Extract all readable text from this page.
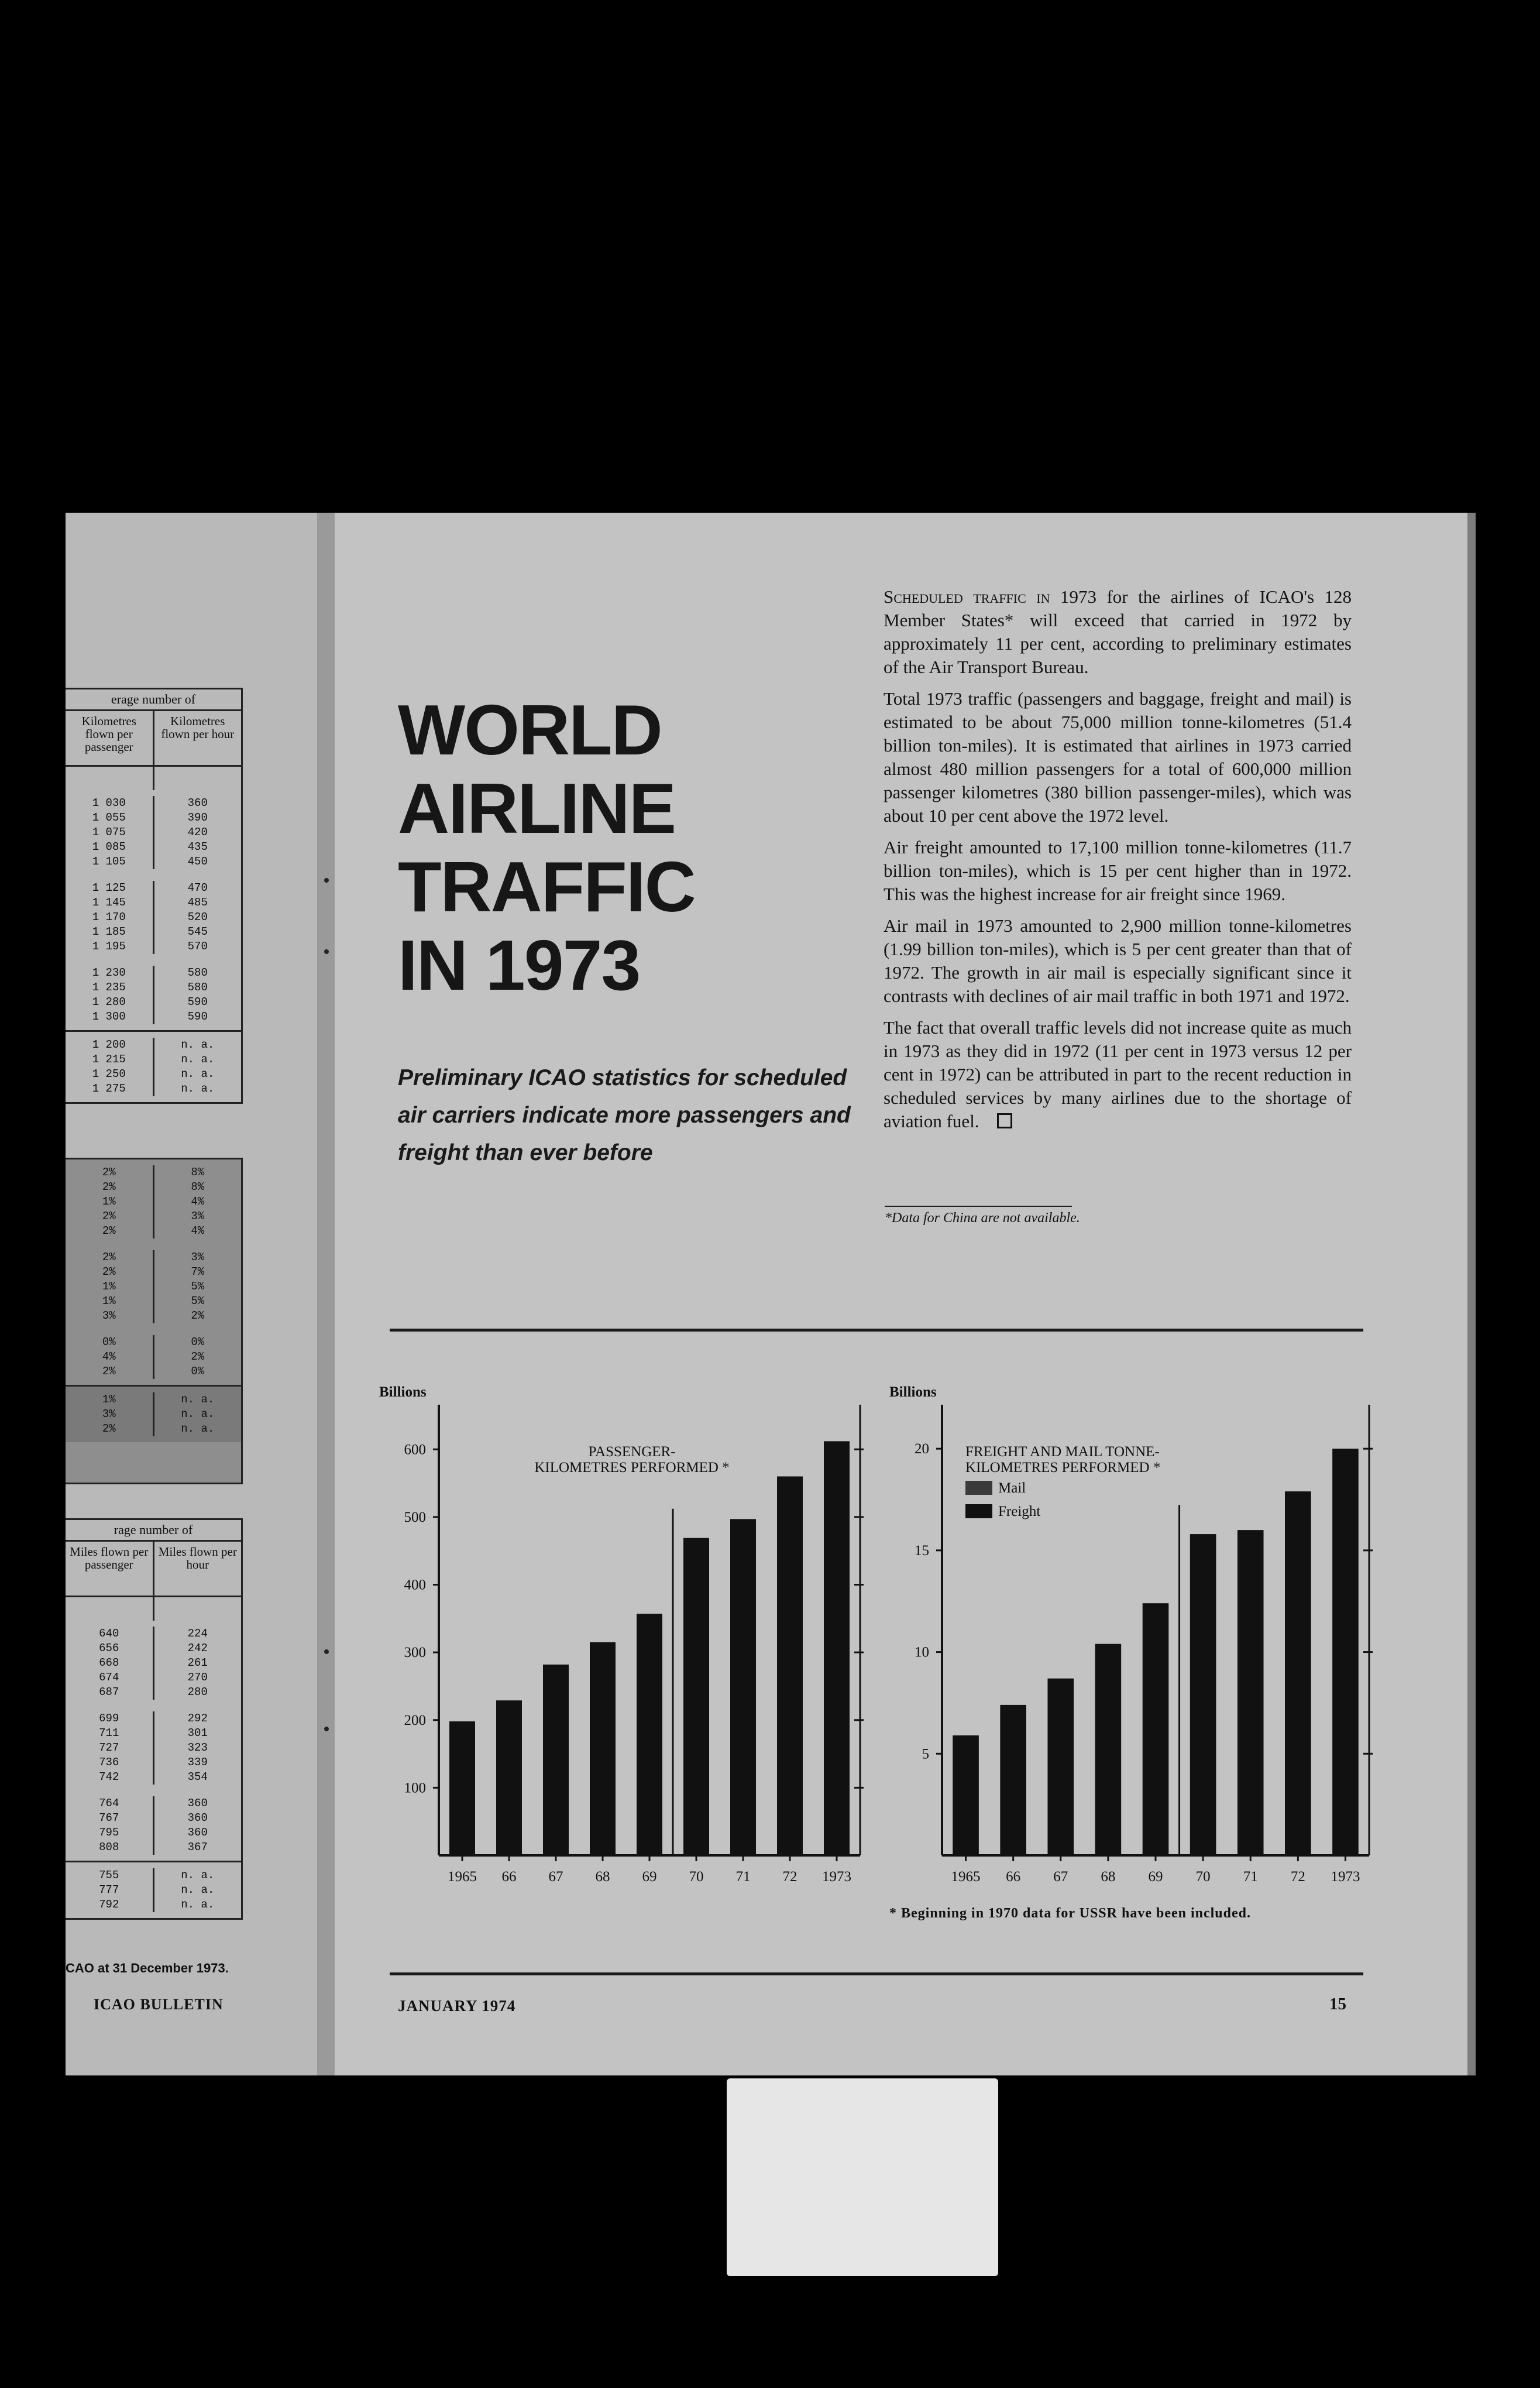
erage number of
Kilometres flown per passenger
Kilometres flown per hour
1 030
1 055
1 075
1 085
1 105
360
390
420
435
450
1 125
1 145
1 170
1 185
1 195
470
485
520
545
570
1 230
1 235
1 280
1 300
580
580
590
590
1 200
1 215
1 250
1 275
n. a.
n. a.
n. a.
n. a.
2%
2%
1%
2%
2%
8%
8%
4%
3%
4%
2%
2%
1%
1%
3%
3%
7%
5%
5%
2%
0%
4%
2%
0%
2%
0%
1%
3%
2%
n. a.
n. a.
n. a.
rage number of
Miles flown per passenger
Miles flown per hour
640
656
668
674
687
224
242
261
270
280
699
711
727
736
742
292
301
323
339
354
764
767
795
808
360
360
360
367
755
777
792
n. a.
n. a.
n. a.
CAO at 31 December 1973.
ICAO BULLETIN
WORLD
AIRLINE
TRAFFIC
IN 1973
Preliminary ICAO statistics for scheduled air carriers indicate more passengers and freight than ever before

Scheduled traffic in 1973 for the airlines of ICAO's 128 Member States* will exceed that carried in 1972 by approximately 11 per cent, according to preliminary estimates of the Air Transport Bureau.

Total 1973 traffic (passengers and baggage, freight and mail) is estimated to be about 75,000 million tonne-kilometres (51.4 billion ton-miles). It is estimated that airlines in 1973 carried almost 480 million passengers for a total of 600,000 million passenger kilometres (380 billion passenger-miles), which was about 10 per cent above the 1972 level.

Air freight amounted to 17,100 million tonne-kilometres (11.7 billion ton-miles), which is 15 per cent higher than in 1972. This was the highest increase for air freight since 1969.

Air mail in 1973 amounted to 2,900 million tonne-kilometres (1.99 billion ton-miles), which is 5 per cent greater than that of 1972. The growth in air mail is especially significant since it contrasts with declines of air mail traffic in both 1971 and 1972.

The fact that overall traffic levels did not increase quite as much in 1973 as they did in 1972 (11 per cent in 1973 versus 12 per cent in 1972) can be attributed in part to the recent reduction in scheduled services by many airlines due to the shortage of aviation fuel.

*Data for China are not available.
Billions
100
200
300
400
500
600
1965 66 67 68 69 70 71 72 1973
PASSENGER-
KILOMETRES PERFORMED *
Billions
5
10
15
20
1965 66 67 68 69 70 71 72 1973
FREIGHT AND MAIL TONNE-
KILOMETRES PERFORMED *
Mail
Freight
* Beginning in 1970 data for USSR have been included.
JANUARY 1974	15
